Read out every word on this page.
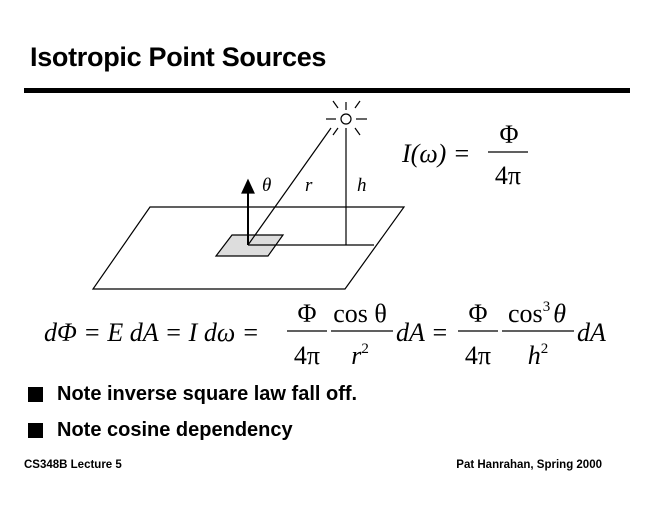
Isotropic Point Sources
θ r h
I(ω) =
Φ
4π
dΦ = E dA = I dω =
Φ
4π
cos θ
$r^2$
dA =
Φ
4π
$\cos^3 \theta$
$h^2$
dA
Note inverse square law fall off.
Note cosine dependency
CS348B Lecture 5	Pat Hanrahan, Spring 2000
